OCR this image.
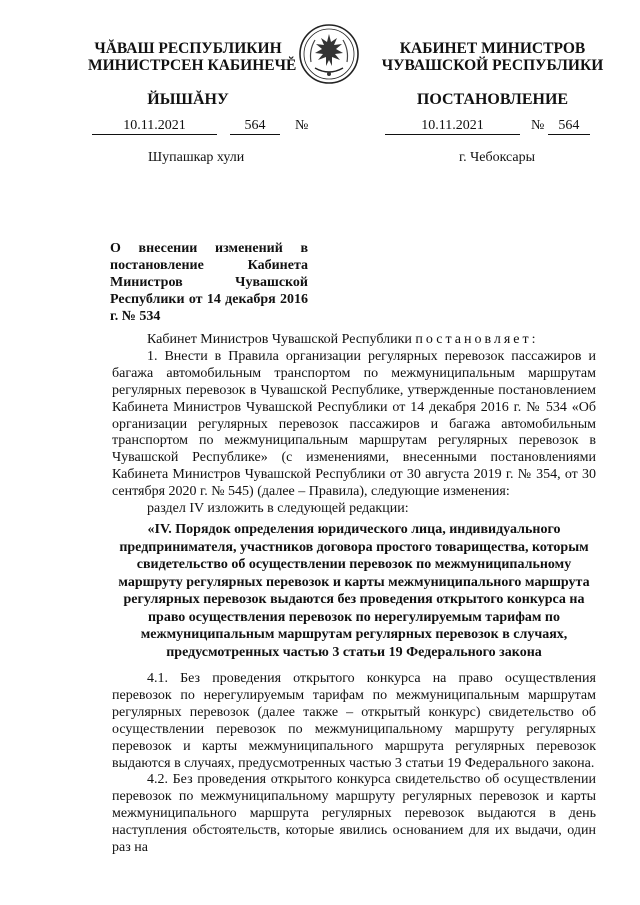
ЧĂВАШ РЕСПУБЛИКИН
МИНИСТРСЕН КАБИНЕЧĔ
ЙЫШĂНУ
КАБИНЕТ МИНИСТРОВ
ЧУВАШСКОЙ РЕСПУБЛИКИ
ПОСТАНОВЛЕНИЕ
10.11.2021	564 №	10.11.2021	№ 564
Шупашкар хули	г. Чебоксары
О внесении изменений в постановление Кабинета Министров Чувашской Республики от 14 декабря 2016 г. № 534

Кабинет Министров Чувашской Республики постановляет:

1. Внести в Правила организации регулярных перевозок пассажиров и багажа автомобильным транспортом по межмуниципальным маршрутам регулярных перевозок в Чувашской Республике, утвержденные постановлением Кабинета Министров Чувашской Республики от 14 декабря 2016 г. № 534 «Об организации регулярных перевозок пассажиров и багажа автомобильным транспортом по межмуниципальным маршрутам регулярных перевозок в Чувашской Республике» (с изменениями, внесенными постановлениями Кабинета Министров Чувашской Республики от 30 августа 2019 г. № 354, от 30 сентября 2020 г. № 545) (далее – Правила), следующие изменения:

раздел IV изложить в следующей редакции:

«IV. Порядок определения юридического лица, индивидуального предпринимателя, участников договора простого товарищества, которым свидетельство об осуществлении перевозок по межмуниципальному маршруту регулярных перевозок и карты межмуниципального маршрута регулярных перевозок выдаются без проведения открытого конкурса на право осуществления перевозок по нерегулируемым тарифам по межмуниципальным маршрутам регулярных перевозок в случаях, предусмотренных частью 3 статьи 19 Федерального закона

4.1. Без проведения открытого конкурса на право осуществления перевозок по нерегулируемым тарифам по межмуниципальным маршрутам регулярных перевозок (далее также – открытый конкурс) свидетельство об осуществлении перевозок по межмуниципальному маршруту регулярных перевозок и карты межмуниципального маршрута регулярных перевозок выдаются в случаях, предусмотренных частью 3 статьи 19 Федерального закона.

4.2. Без проведения открытого конкурса свидетельство об осуществлении перевозок по межмуниципальному маршруту регулярных перевозок и карты межмуниципального маршрута регулярных перевозок выдаются в день наступления обстоятельств, которые явились основанием для их выдачи, один раз на
